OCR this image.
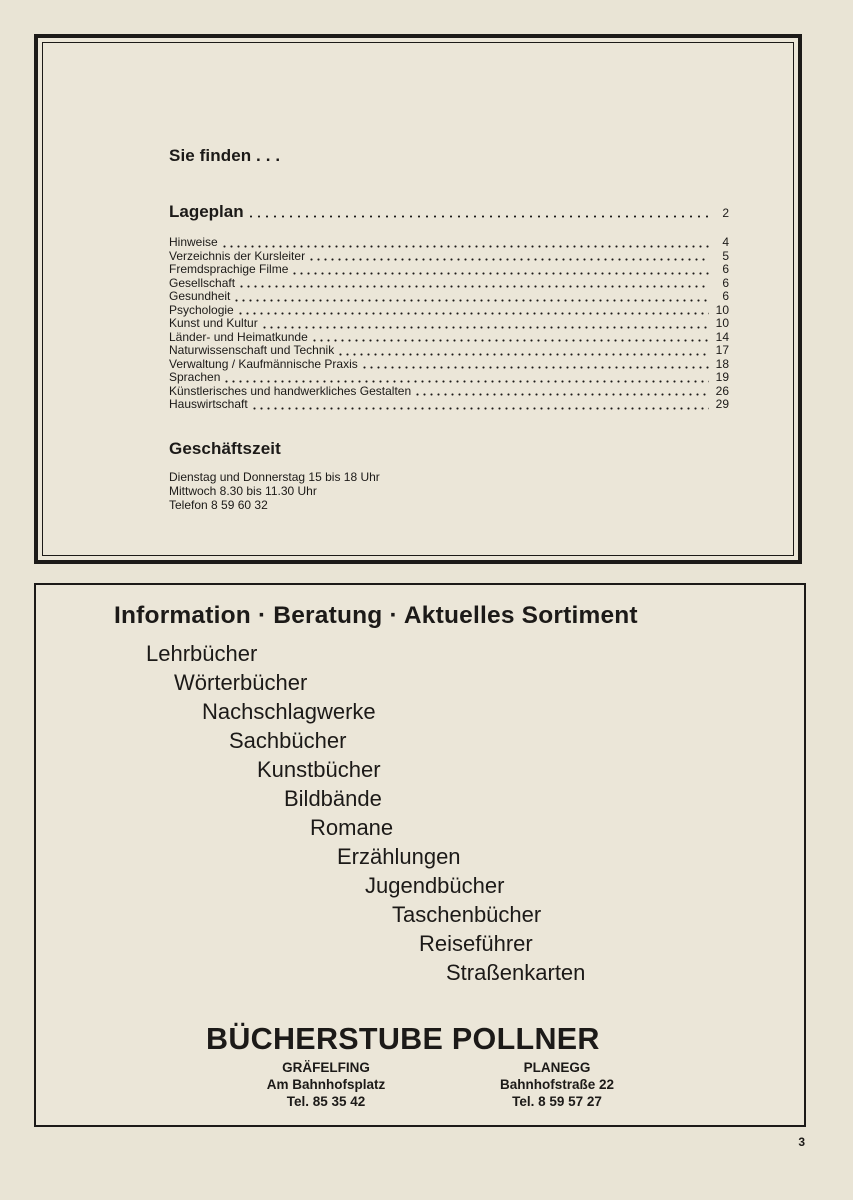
Sie finden . . .
Lageplan	2
Hinweise	4
Verzeichnis der Kursleiter	5
Fremdsprachige Filme	6
Gesellschaft	6
Gesundheit	6
Psychologie	10
Kunst und Kultur	10
Länder- und Heimatkunde	14
Naturwissenschaft und Technik	17
Verwaltung / Kaufmännische Praxis	18
Sprachen	19
Künstlerisches und handwerkliches Gestalten	26
Hauswirtschaft	29
Geschäftszeit
Dienstag und Donnerstag 15 bis 18 Uhr
Mittwoch 8.30 bis 11.30 Uhr
Telefon 8 59 60 32
Information · Beratung · Aktuelles Sortiment
Lehrbücher
Wörterbücher
Nachschlagwerke
Sachbücher
Kunstbücher
Bildbände
Romane
Erzählungen
Jugendbücher
Taschenbücher
Reiseführer
Straßenkarten
BÜCHERSTUBE POLLNER
GRÄFELFING
Am Bahnhofsplatz
Tel. 85 35 42
PLANEGG
Bahnhofstraße 22
Tel. 8 59 57 27
3
